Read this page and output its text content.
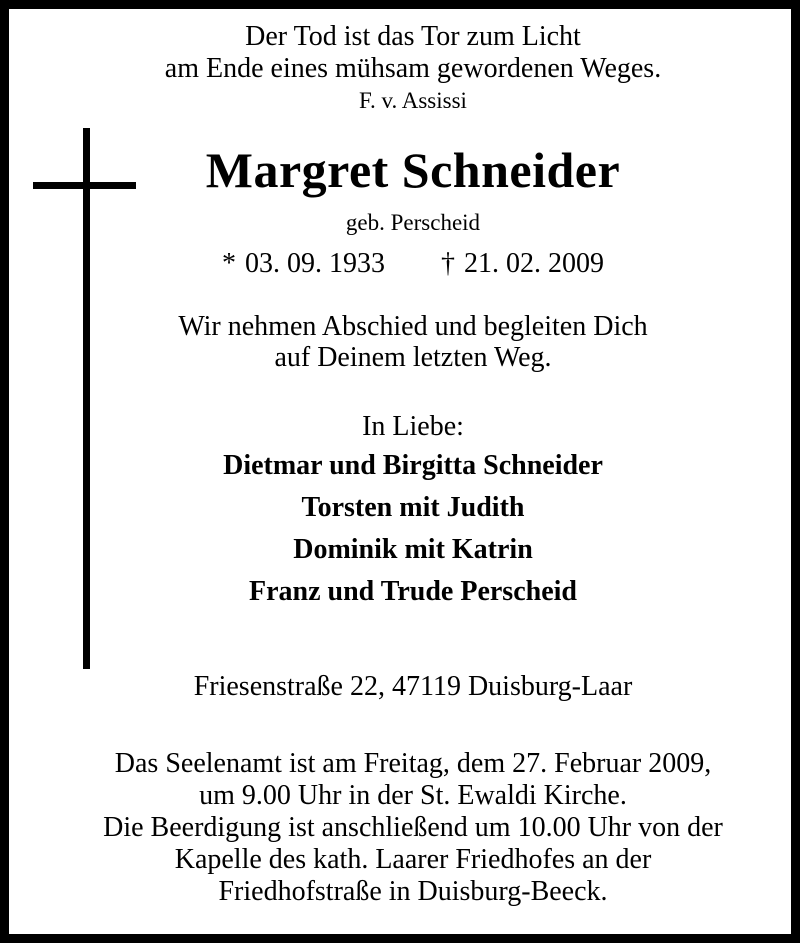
Der Tod ist das Tor zum Licht
am Ende eines mühsam gewordenen Weges.
F. v. Assissi
Margret Schneider
geb. Perscheid
* 03. 09. 1933 † 21. 02. 2009
Wir nehmen Abschied und begleiten Dich
auf Deinem letzten Weg.
In Liebe:
Dietmar und Birgitta Schneider
Torsten mit Judith
Dominik mit Katrin
Franz und Trude Perscheid
Friesenstraße 22, 47119 Duisburg-Laar
Das Seelenamt ist am Freitag, dem 27. Februar 2009,
um 9.00 Uhr in der St. Ewaldi Kirche.
Die Beerdigung ist anschließend um 10.00 Uhr von der
Kapelle des kath. Laarer Friedhofes an der
Friedhofstraße in Duisburg-Beeck.
